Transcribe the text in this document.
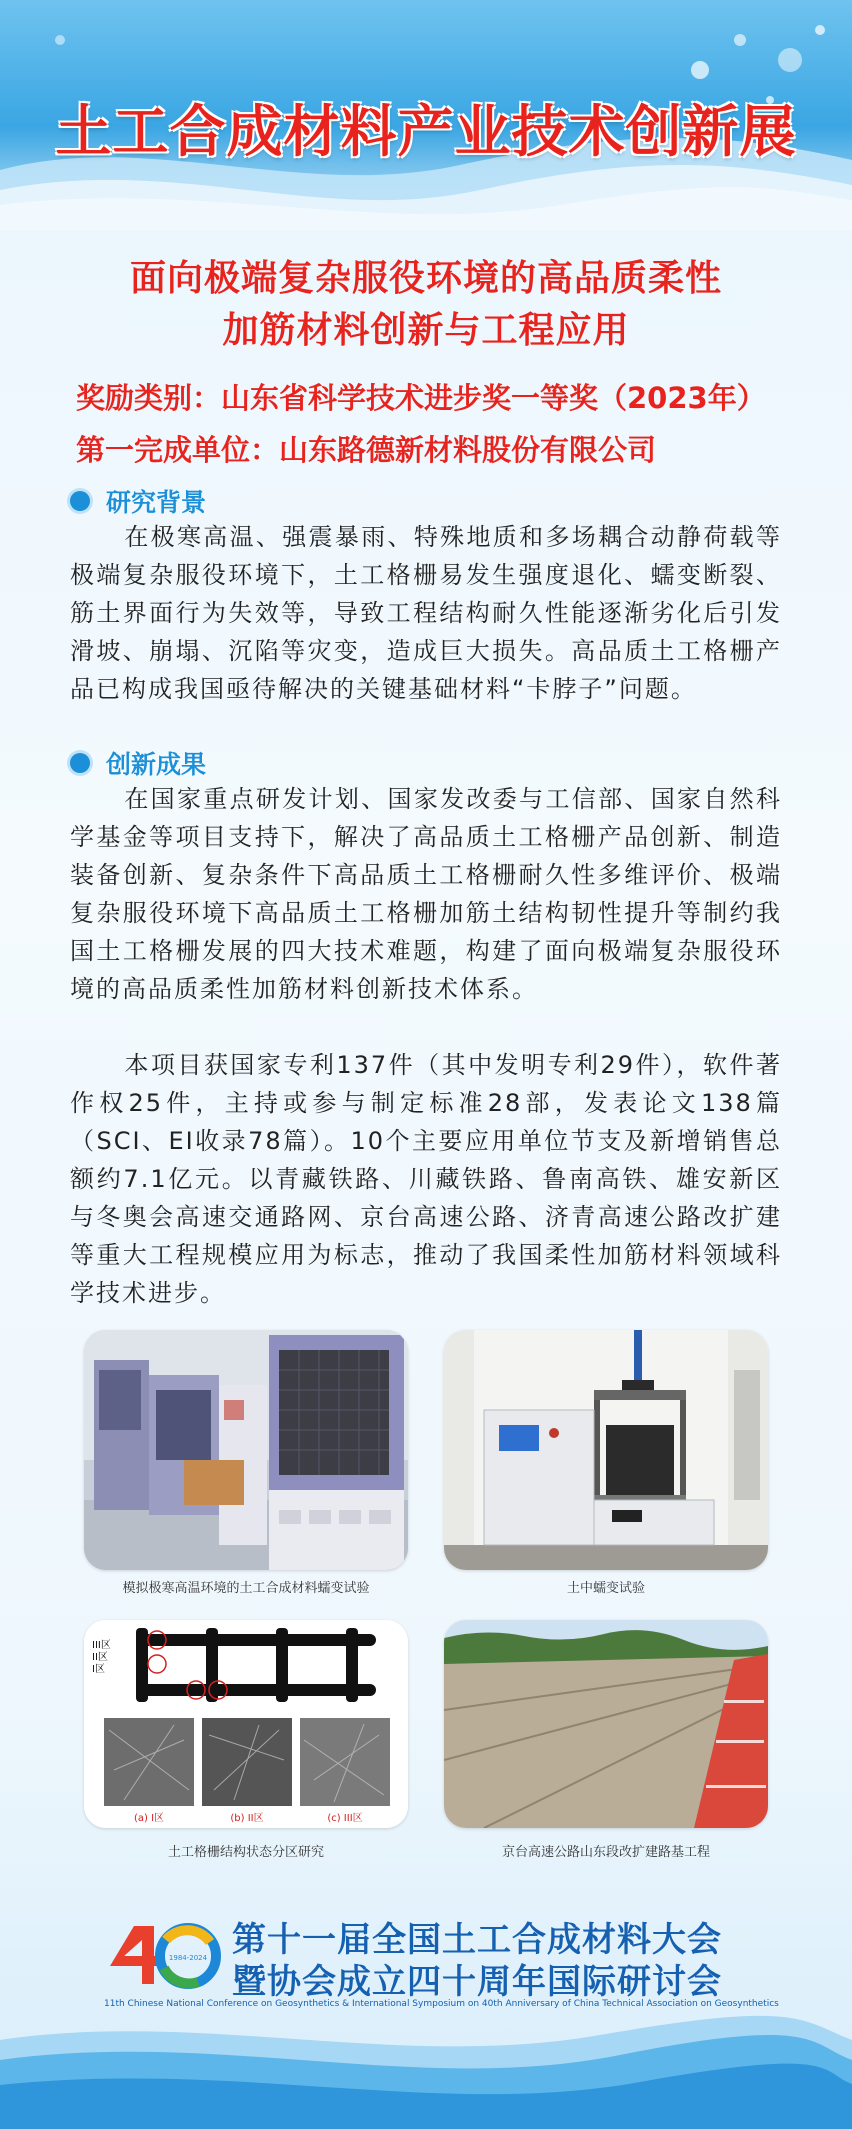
土工合成材料产业技术创新展
面向极端复杂服役环境的高品质柔性
加筋材料创新与工程应用
奖励类别：山东省科学技术进步奖一等奖（2023年）
第一完成单位：山东路德新材料股份有限公司
研究背景
在极寒高温、强震暴雨、特殊地质和多场耦合动静荷载等极端复杂服役环境下，土工格栅易发生强度退化、蠕变断裂、筋土界面行为失效等，导致工程结构耐久性能逐渐劣化后引发滑坡、崩塌、沉陷等灾变，造成巨大损失。高品质土工格栅产品已构成我国亟待解决的关键基础材料“卡脖子”问题。
创新成果
在国家重点研发计划、国家发改委与工信部、国家自然科学基金等项目支持下，解决了高品质土工格栅产品创新、制造装备创新、复杂条件下高品质土工格栅耐久性多维评价、极端复杂服役环境下高品质土工格栅加筋土结构韧性提升等制约我国土工格栅发展的四大技术难题，构建了面向极端复杂服役环境的高品质柔性加筋材料创新技术体系。
本项目获国家专利137件（其中发明专利29件），软件著作权25件，主持或参与制定标准28部，发表论文138篇（SCI、EI收录78篇）。10个主要应用单位节支及新增销售总额约7.1亿元。以青藏铁路、川藏铁路、鲁南高铁、雄安新区与冬奥会高速交通路网、京台高速公路、济青高速公路改扩建等重大工程规模应用为标志，推动了我国柔性加筋材料领域科学技术进步。
模拟极寒高温环境的土工合成材料蠕变试验	土中蠕变试验
III区
II区
I区
(a) I区	(b) II区	(c) III区
土工格栅结构状态分区研究	京台高速公路山东段改扩建路基工程
1984-2024 第十一届全国土工合成材料大会
暨协会成立四十周年国际研讨会
11th Chinese National Conference on Geosynthetics & International Symposium on 40th Anniversary of China Technical Association on Geosynthetics
